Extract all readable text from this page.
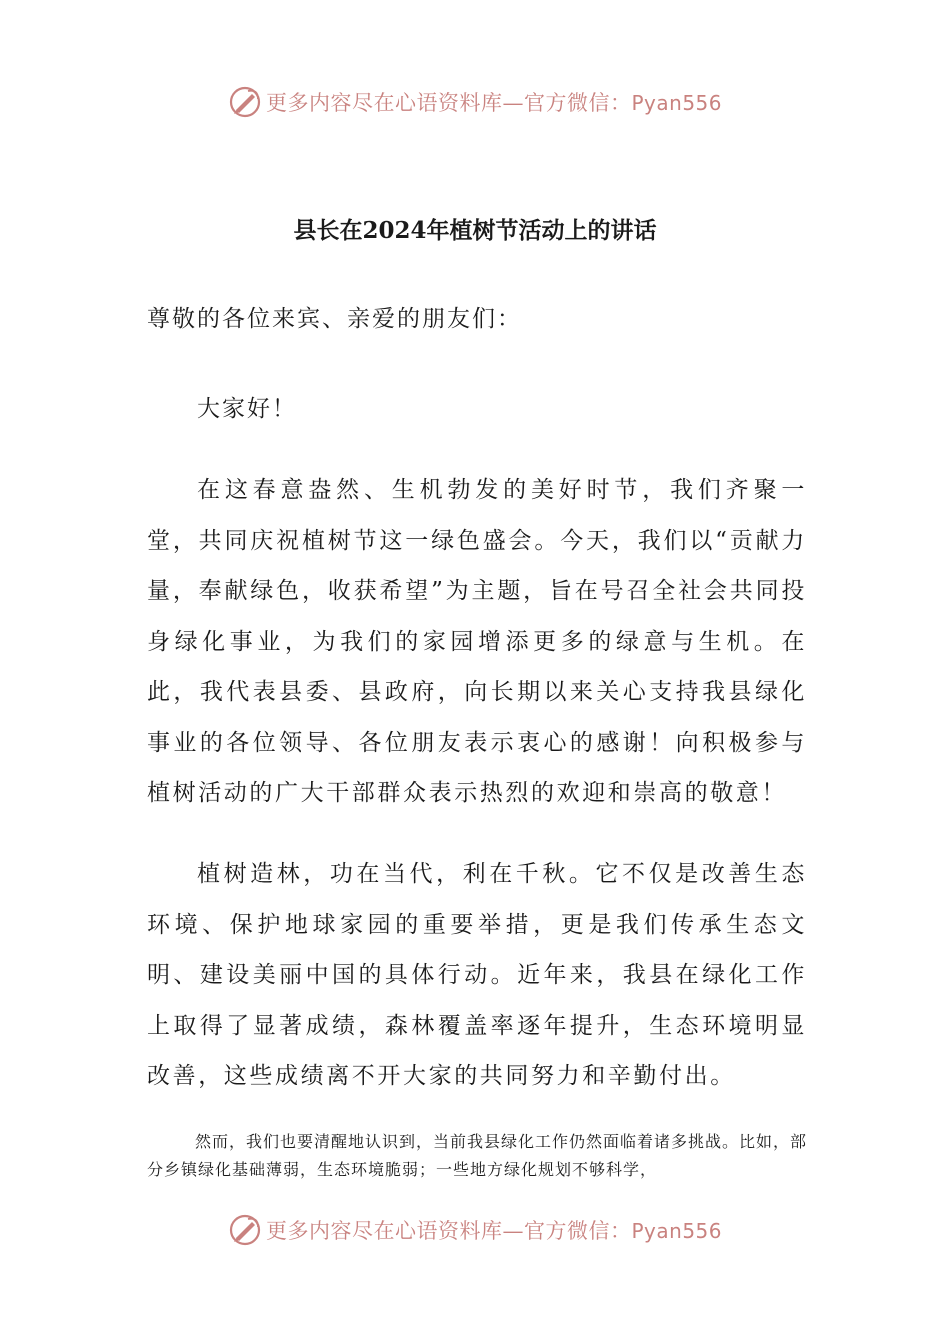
更多内容尽在心语资料库—官方微信：Pyan556
县长在2024年植树节活动上的讲话
尊敬的各位来宾、亲爱的朋友们：
大家好！

在这春意盎然、生机勃发的美好时节，我们齐聚一堂，共同庆祝植树节这一绿色盛会。今天，我们以“贡献力量，奉献绿色，收获希望”为主题，旨在号召全社会共同投身绿化事业，为我们的家园增添更多的绿意与生机。在此，我代表县委、县政府，向长期以来关心支持我县绿化事业的各位领导、各位朋友表示衷心的感谢！向积极参与植树活动的广大干部群众表示热烈的欢迎和崇高的敬意！

植树造林，功在当代，利在千秋。它不仅是改善生态环境、保护地球家园的重要举措，更是我们传承生态文明、建设美丽中国的具体行动。近年来，我县在绿化工作上取得了显著成绩，森林覆盖率逐年提升，生态环境明显改善，这些成绩离不开大家的共同努力和辛勤付出。

然而，我们也要清醒地认识到，当前我县绿化工作仍然面临着诸多挑战。比如，部分乡镇绿化基础薄弱，生态环境脆弱；一些地方绿化规划不够科学，

更多内容尽在心语资料库—官方微信：Pyan556
